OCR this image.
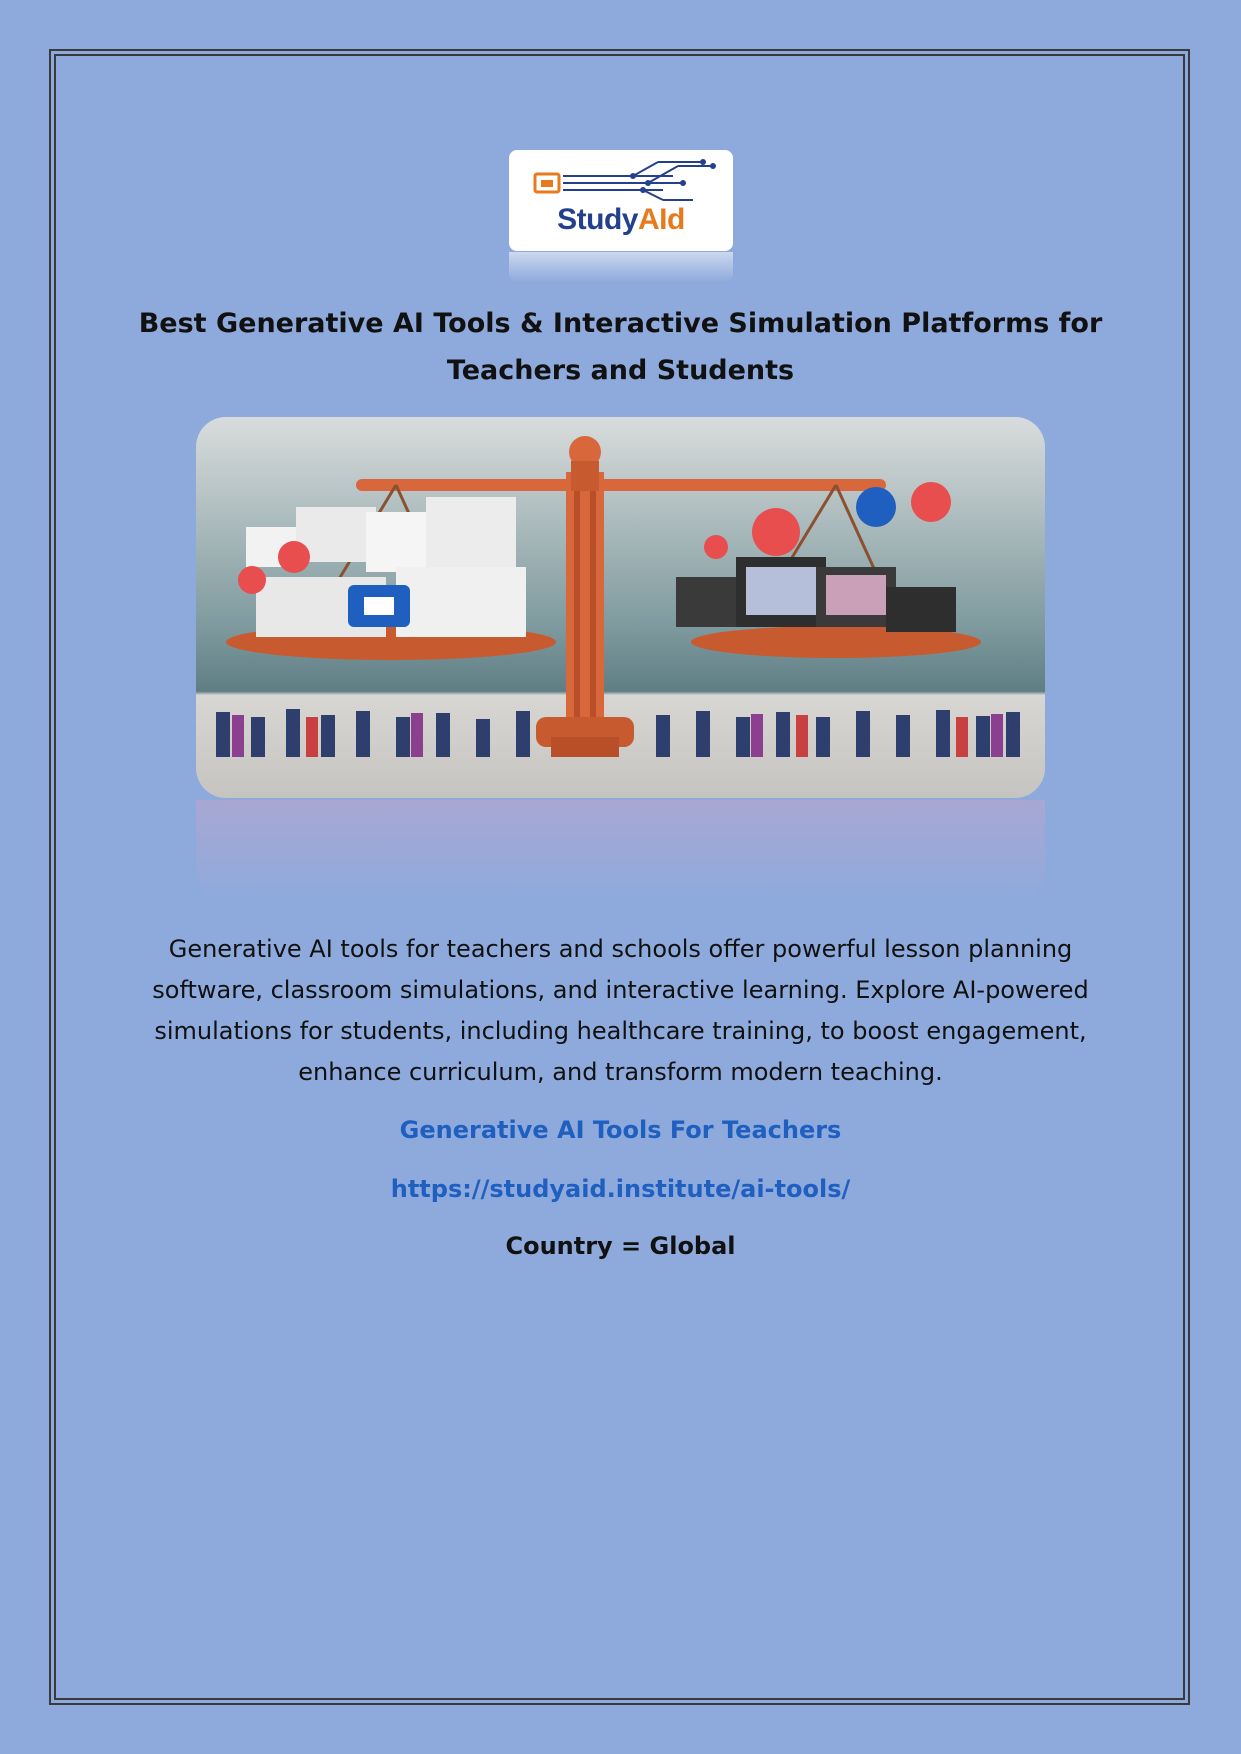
StudyAId
Best Generative AI Tools & Interactive Simulation Platforms for Teachers and Students

Generative AI tools for teachers and schools offer powerful lesson planning software, classroom simulations, and interactive learning. Explore AI-powered simulations for students, including healthcare training, to boost engagement, enhance curriculum, and transform modern teaching.

Generative AI Tools For Teachers
https://studyaid.institute/ai-tools/
Country = Global
